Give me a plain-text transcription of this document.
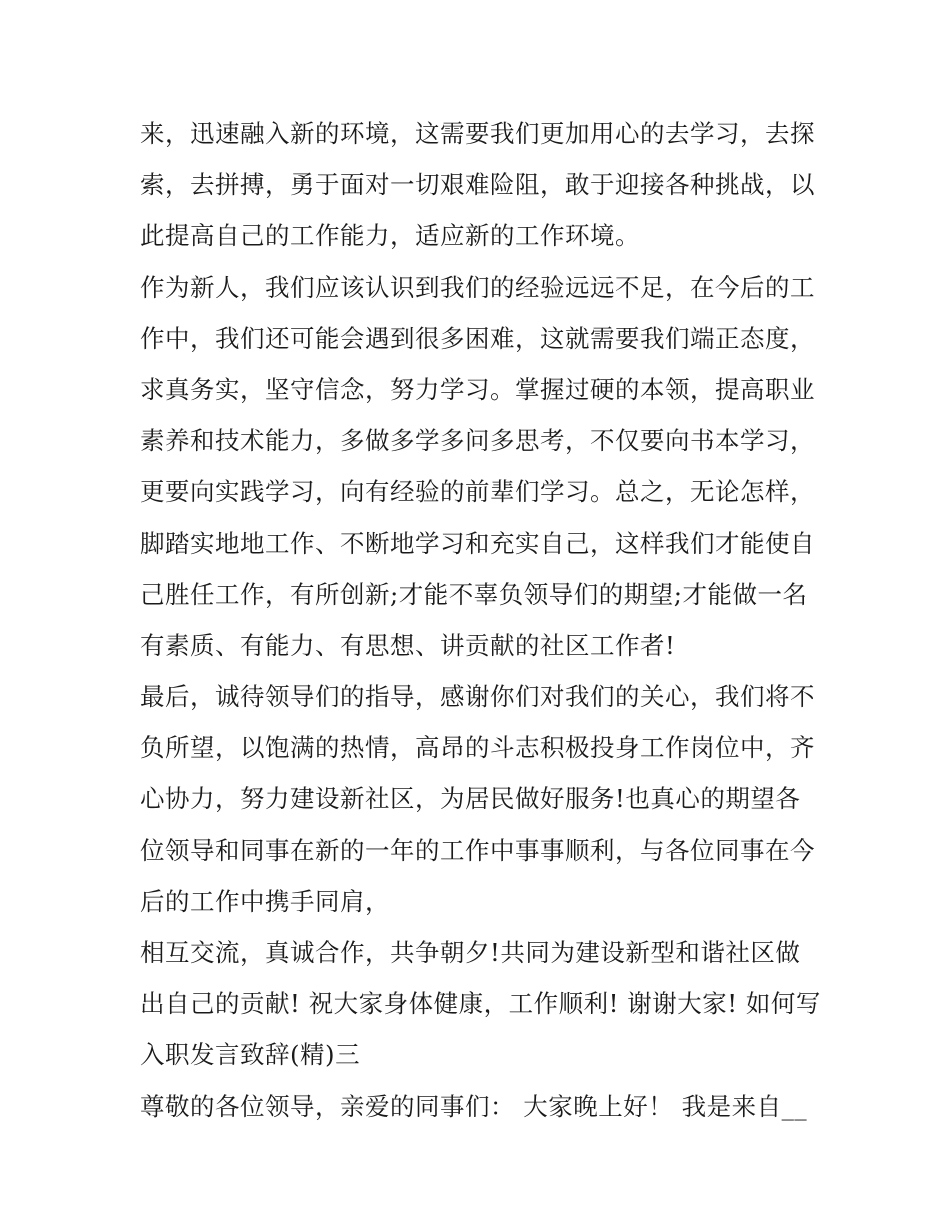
来，迅速融入新的环境，这需要我们更加用心的去学习，去探
索，去拼搏，勇于面对一切艰难险阻，敢于迎接各种挑战，以
此提高自己的工作能力，适应新的工作环境。
作为新人，我们应该认识到我们的经验远远不足，在今后的工
作中，我们还可能会遇到很多困难，这就需要我们端正态度，
求真务实，坚守信念，努力学习。掌握过硬的本领，提高职业
素养和技术能力，多做多学多问多思考，不仅要向书本学习，
更要向实践学习，向有经验的前辈们学习。总之，无论怎样，
脚踏实地地工作、不断地学习和充实自己，这样我们才能使自
己胜任工作，有所创新;才能不辜负领导们的期望;才能做一名
有素质、有能力、有思想、讲贡献的社区工作者!
最后，诚待领导们的指导，感谢你们对我们的关心，我们将不
负所望，以饱满的热情，高昂的斗志积极投身工作岗位中，齐
心协力，努力建设新社区，为居民做好服务!也真心的期望各
位领导和同事在新的一年的工作中事事顺利，与各位同事在今
后的工作中携手同肩，
相互交流，真诚合作，共争朝夕!共同为建设新型和谐社区做
出自己的贡献! 祝大家身体健康，工作顺利! 谢谢大家! 如何写
入职发言致辞(精)三
尊敬的各位领导，亲爱的同事们： 大家晚上好！ 我是来自__
